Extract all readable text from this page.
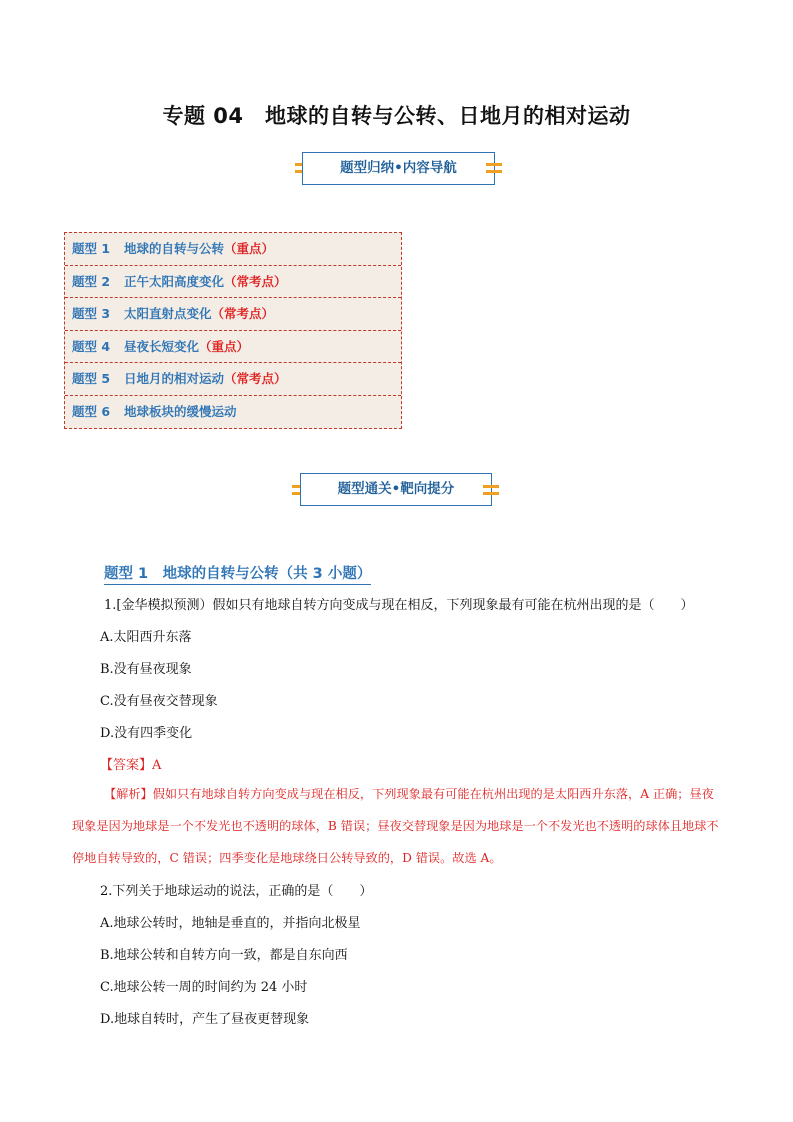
专题 04　地球的自转与公转、日地月的相对运动
题型归纳•内容导航
题型 1 地球的自转与公转（重点）
题型 2 正午太阳高度变化（常考点）
题型 3 太阳直射点变化（常考点）
题型 4 昼夜长短变化（重点）
题型 5 日地月的相对运动（常考点）
题型 6 地球板块的缓慢运动
题型通关•靶向提分
题型 1　地球的自转与公转（共 3 小题）
1.[金华模拟预测）假如只有地球自转方向变成与现在相反，下列现象最有可能在杭州出现的是（　　）
A.太阳西升东落
B.没有昼夜现象
C.没有昼夜交替现象
D.没有四季变化
【答案】A
【解析】假如只有地球自转方向变成与现在相反，下列现象最有可能在杭州出现的是太阳西升东落，A 正确；昼夜现象是因为地球是一个不发光也不透明的球体，B 错误；昼夜交替现象是因为地球是一个不发光也不透明的球体且地球不停地自转导致的，C 错误；四季变化是地球绕日公转导致的，D 错误。故选 A。
2.下列关于地球运动的说法，正确的是（　　）
A.地球公转时，地轴是垂直的，并指向北极星
B.地球公转和自转方向一致，都是自东向西
C.地球公转一周的时间约为 24 小时
D.地球自转时，产生了昼夜更替现象
